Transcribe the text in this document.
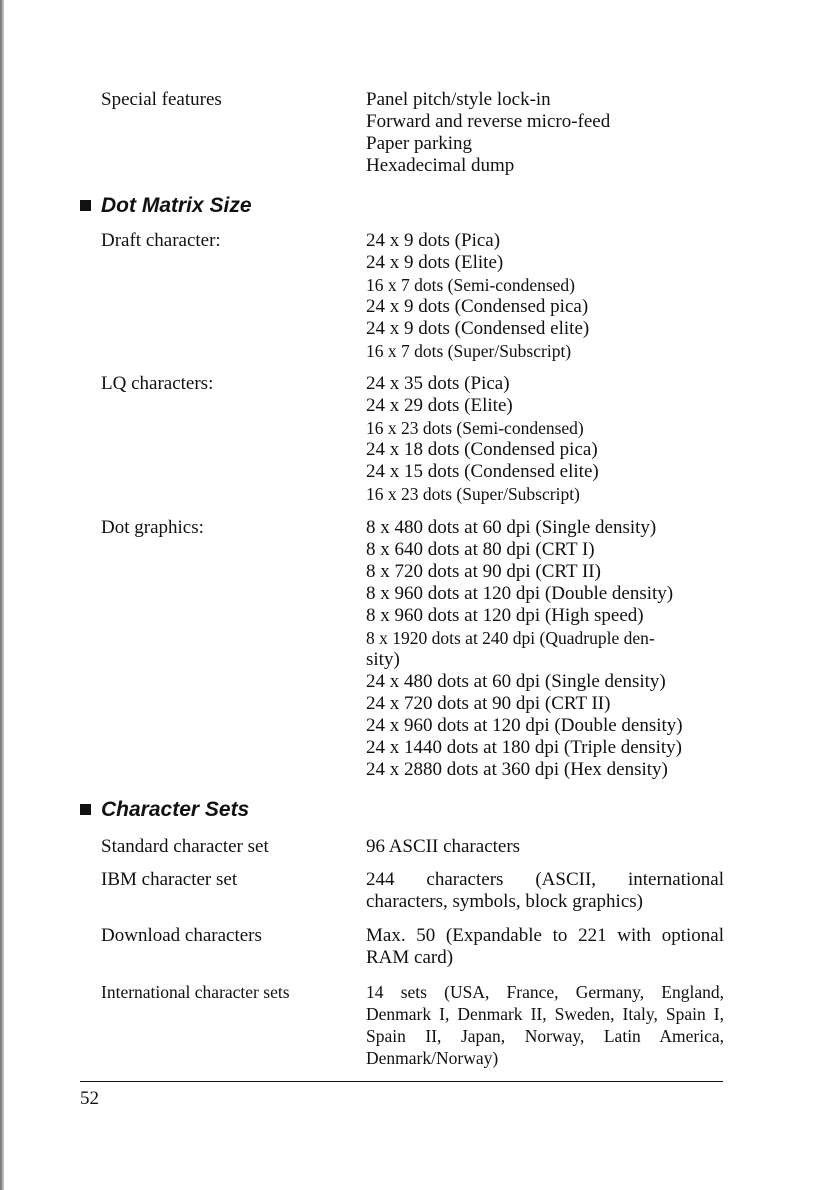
Special features	Panel pitch/style lock-in
Forward and reverse micro-feed
Paper parking
Hexadecimal dump
Dot Matrix Size
Draft character:	24 x 9 dots (Pica)
24 x 9 dots (Elite)
16 x 7 dots (Semi-condensed)
24 x 9 dots (Condensed pica)
24 x 9 dots (Condensed elite)
16 x 7 dots (Super/Subscript)
LQ characters:	24 x 35 dots (Pica)
24 x 29 dots (Elite)
16 x 23 dots (Semi-condensed)
24 x 18 dots (Condensed pica)
24 x 15 dots (Condensed elite)
16 x 23 dots (Super/Subscript)
Dot graphics:	8 x 480 dots at 60 dpi (Single density)
8 x 640 dots at 80 dpi (CRT I)
8 x 720 dots at 90 dpi (CRT II)
8 x 960 dots at 120 dpi (Double density)
8 x 960 dots at 120 dpi (High speed)
8 x 1920 dots at 240 dpi (Quadruple den-
sity)
24 x 480 dots at 60 dpi (Single density)
24 x 720 dots at 90 dpi (CRT II)
24 x 960 dots at 120 dpi (Double density)
24 x 1440 dots at 180 dpi (Triple density)
24 x 2880 dots at 360 dpi (Hex density)
Character Sets
Standard character set	96 ASCII characters
IBM character set	244 characters (ASCII, international characters, symbols, block graphics)
Download characters	Max. 50 (Expandable to 221 with optional RAM card)
International character sets	14 sets (USA, France, Germany, England, Denmark I, Denmark II, Sweden, Italy, Spain I, Spain II, Japan, Norway, Latin America, Denmark/Norway)
52
